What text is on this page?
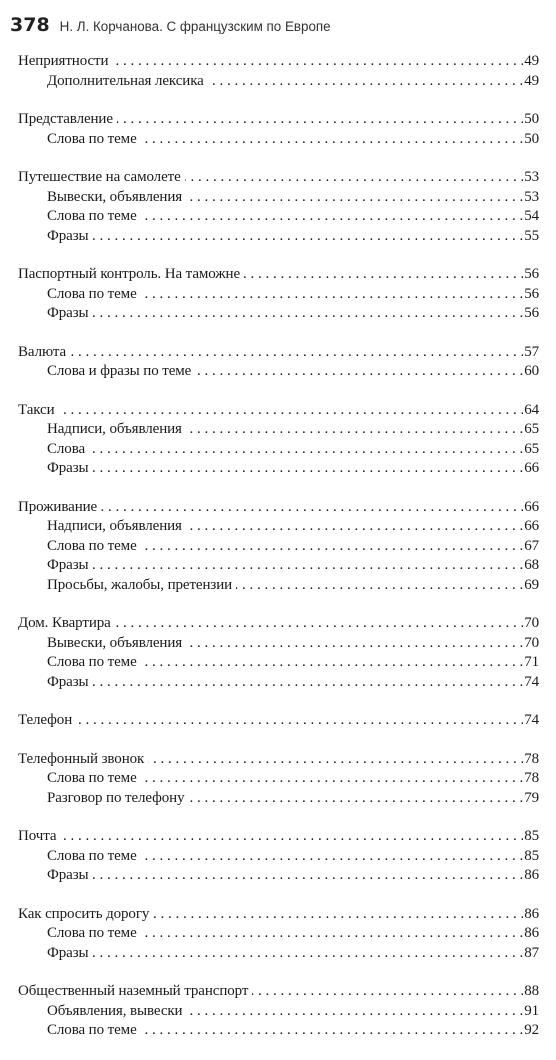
378 Н. Л. Корчанова. С французским по Европе
Неприятности	49
. . .
Дополнительная лексика	49
. . .
Представление	50
. . .
Слова по теме	50
. . .
Путешествие на самолете	53
. . .
Вывески, объявления	53
. . .
Слова по теме	54
. . .
Фразы	55
. . .
Паспортный контроль. На таможне	56
. . .
Слова по теме	56
. . .
Фразы	56
. . .
Валюта	57
. . .
Слова и фразы по теме	60
. . .
Такси	64
. . .
Надписи, объявления	65
. . .
Слова	65
. . .
Фразы	66
. . .
Проживание	66
. . .
Надписи, объявления	66
. . .
Слова по теме	67
. . .
Фразы	68
. . .
Просьбы, жалобы, претензии	69
. . .
Дом. Квартира	70
. . .
Вывески, объявления	70
. . .
Слова по теме	71
. . .
Фразы	74
. . .
Телефон	74
. . .
Телефонный звонок	78
. . .
Слова по теме	78
. . .
Разговор по телефону	79
. . .
Почта	85
. . .
Слова по теме	85
. . .
Фразы	86
. . .
Как спросить дорогу	86
. . .
Слова по теме	86
. . .
Фразы	87
. . .
Общественный наземный транспорт	88
. . .
Объявления, вывески	91
. . .
Слова по теме	92
. . .
